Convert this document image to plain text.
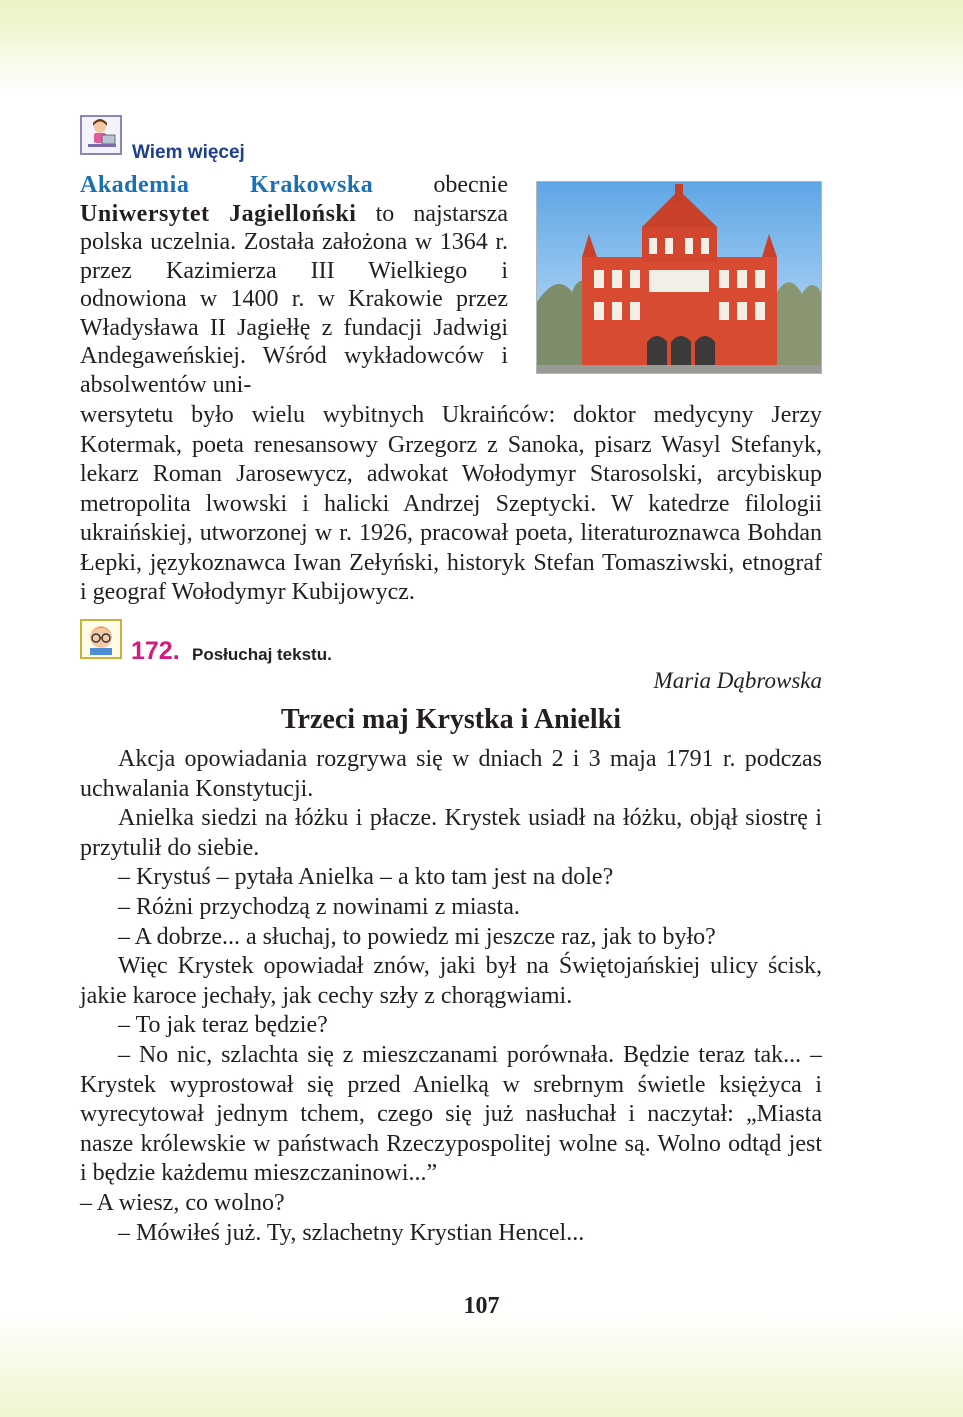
Wiem więcej

Akademia Krakowska obecnie Uniwersytet Jagielloński to najstarsza polska uczelnia. Została założona w 1364 r. przez Kazimierza III Wielkiego i odnowiona w 1400 r. w Krakowie przez Władysława II Jagiełłę z fundacji Jadwigi Andegaweńskiej. Wśród wykładowców i absolwentów uni-

wersytetu było wielu wybitnych Ukraińców: doktor medycyny Jerzy Kotermak, poeta renesansowy Grzegorz z Sanoka, pisarz Wasyl Stefanyk, lekarz Roman Jarosewycz, adwokat Wołodymyr Starosolski, arcybiskup metropolita lwowski i halicki Andrzej Szeptycki. W katedrze filologii ukraińskiej, utworzonej w r. 1926, pracował poeta, literaturoznawca Bohdan Łepki, językoznawca Iwan Zełyński, historyk Stefan Tomasziwski, etnograf i geograf Wołodymyr Kubijowycz.

172. Posłuchaj tekstu.
Maria Dąbrowska
Trzeci maj Krystka i Anielki

Akcja opowiadania rozgrywa się w dniach 2 i 3 maja 1791 r. podczas uchwalania Konstytucji.

Anielka siedzi na łóżku i płacze. Krystek usiadł na łóżku, objął siostrę i przytulił do siebie.

– Krystuś – pytała Anielka – a kto tam jest na dole?

– Różni przychodzą z nowinami z miasta.

– A dobrze... a słuchaj, to powiedz mi jeszcze raz, jak to było?

Więc Krystek opowiadał znów, jaki był na Świętojańskiej ulicy ścisk, jakie karoce jechały, jak cechy szły z chorągwiami.

– To jak teraz będzie?

– No nic, szlachta się z mieszczanami porównała. Będzie teraz tak... – Krystek wyprostował się przed Anielką w srebrnym świetle księżyca i wyrecytował jednym tchem, czego się już nasłuchał i naczytał: „Miasta nasze królewskie w państwach Rzeczypospolitej wolne są. Wolno odtąd jest i będzie każdemu mieszczaninowi...”

– A wiesz, co wolno?

– Mówiłeś już. Ty, szlachetny Krystian Hencel...

107
